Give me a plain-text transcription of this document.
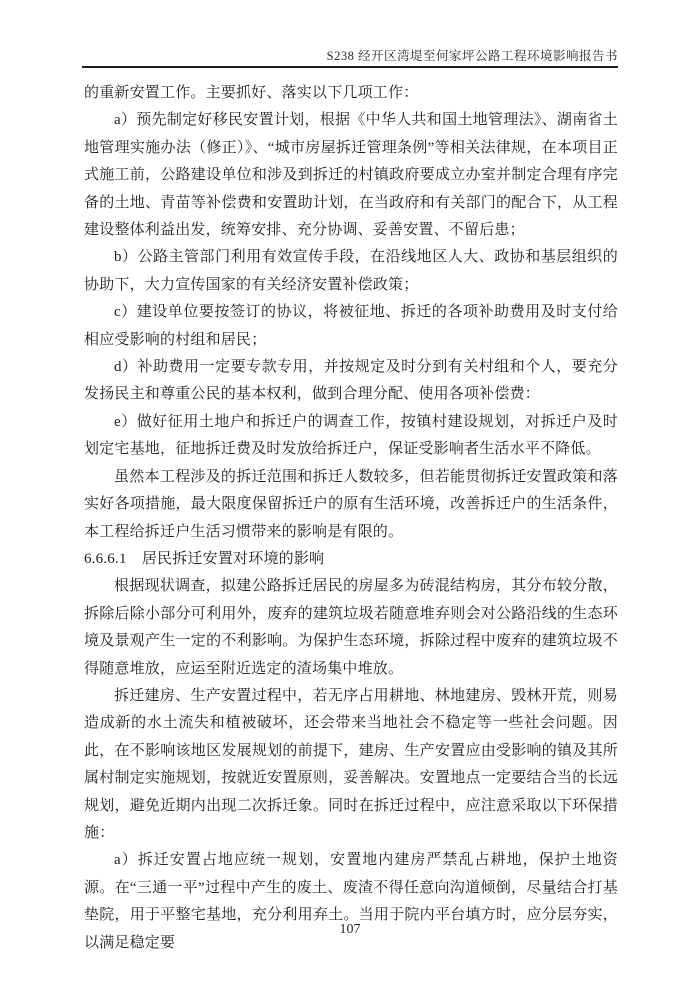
S238 经开区湾堤至何家坪公路工程环境影响报告书

的重新安置工作。主要抓好、落实以下几项工作：

a）预先制定好移民安置计划，根据《中华人共和国土地管理法》、湖南省土地管理实施办法（修正）》、“城市房屋拆迁管理条例”等相关法律规，在本项目正式施工前，公路建设单位和涉及到拆迁的村镇政府要成立办室并制定合理有序完备的土地、青苗等补偿费和安置助计划，在当政府和有关部门的配合下，从工程建设整体利益出发，统筹安排、充分协调、妥善安置、不留后患；

b）公路主管部门利用有效宣传手段，在沿线地区人大、政协和基层组织的协助下，大力宣传国家的有关经济安置补偿政策；

c）建设单位要按签订的协议，将被征地、拆迁的各项补助费用及时支付给相应受影响的村组和居民；

d）补助费用一定要专款专用，并按规定及时分到有关村组和个人，要充分发扬民主和尊重公民的基本权利，做到合理分配、使用各项补偿费：

e）做好征用土地户和拆迁户的调查工作，按镇村建设规划，对拆迁户及时划定宅基地，征地拆迁费及时发放给拆迁户，保证受影响者生活水平不降低。

虽然本工程涉及的拆迁范围和拆迁人数较多，但若能贯彻拆迁安置政策和落实好各项措施，最大限度保留拆迁户的原有生活环境，改善拆迁户的生活条件，本工程给拆迁户生活习惯带来的影响是有限的。

6.6.6.1　居民拆迁安置对环境的影响

根据现状调查，拟建公路拆迁居民的房屋多为砖混结构房，其分布较分散，拆除后除小部分可利用外，废弃的建筑垃圾若随意堆弃则会对公路沿线的生态环境及景观产生一定的不利影响。为保护生态环境，拆除过程中废弃的建筑垃圾不得随意堆放，应运至附近选定的渣场集中堆放。

拆迁建房、生产安置过程中，若无序占用耕地、林地建房、毁林开荒，则易造成新的水土流失和植被破坏，还会带来当地社会不稳定等一些社会问题。因此，在不影响该地区发展规划的前提下，建房、生产安置应由受影响的镇及其所属村制定实施规划，按就近安置原则，妥善解决。安置地点一定要结合当的长远规划，避免近期内出现二次拆迁象。同时在拆迁过程中，应注意采取以下环保措施：

a）拆迁安置占地应统一规划，安置地内建房严禁乱占耕地，保护土地资源。在“三通一平”过程中产生的废土、废渣不得任意向沟道倾倒，尽量结合打基垫院，用于平整宅基地，充分利用弃土。当用于院内平台填方时，应分层夯实，以满足稳定要

107
